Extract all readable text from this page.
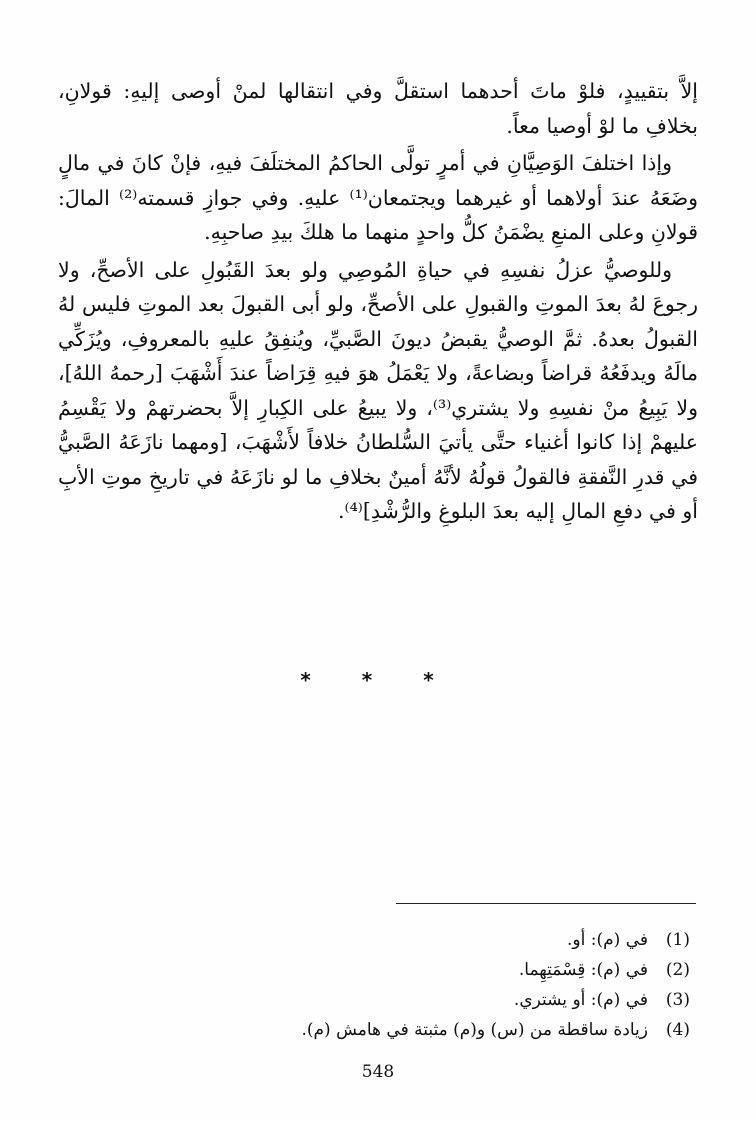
إلاَّ بتقييدٍ، فلوْ ماتَ أحدهما استقلَّ وفي انتقالها لمنْ أوصى إليهِ: قولانِ، بخلافِ ما لوْ أوصيا معاً.

وإذا اختلفَ الوَصِيَّانِ في أمرٍ تولَّى الحاكمُ المختلَفَ فيهِ، فإنْ كانَ في مالٍ وضَعَهُ عندَ أولاهما أو غيرهما ويجتمعان⁽¹⁾ عليهِ. وفي جوازِ قسمته⁽²⁾ المالَ: قولانِ وعلى المنعِ يضْمَنُ كلُّ واحدٍ منهما ما هلكَ بيدِ صاحبِهِ.

وللوصيُّ عزلُ نفسِهِ في حياةِ المُوصِي ولو بعدَ القَبُولِ على الأصحِّ، ولا رجوعَ لهُ بعدَ الموتِ والقبولِ على الأصحِّ، ولو أبى القبولَ بعد الموتِ فليس لهُ القبولُ بعدهُ. ثمَّ الوصيُّ يقبضُ ديونَ الصَّبيِّ، ويُنفِقُ عليهِ بالمعروفِ، ويُزَكِّي مالَهُ ويدفَعُهُ قراضاً وبضاعةً، ولا يَعْمَلُ هوَ فيهِ قِرَاضاً عندَ أَشْهَبَ [رحمهُ اللهُ]، ولا يَبِيعُ منْ نفسِهِ ولا يشتري⁽³⁾، ولا يبيعُ على الكِبارِ إلاَّ بحضرتهمْ ولا يَقْسِمُ عليهمْ إذا كانوا أغنياء حتَّى يأتيَ السُّلطانُ خلافاً لأَشْهَبَ، [ومهما نازَعَهُ الصَّبيُّ في قدرِ النَّفقةِ فالقولُ قولُهُ لأنَّهُ أمينٌ بخلافِ ما لو نازَعَهُ في تاريخِ موتِ الأبِ أو في دفعِ المالِ إليه بعدَ البلوغِ والرُّشْدِ]⁽⁴⁾.

* * *
(1)
في (م): أو.
(2)
في (م): قِسْمَتِهِما.
(3)
في (م): أو يشتري.
(4)
زيادة ساقطة من (س) و(م) مثبتة في هامش (م).
548
